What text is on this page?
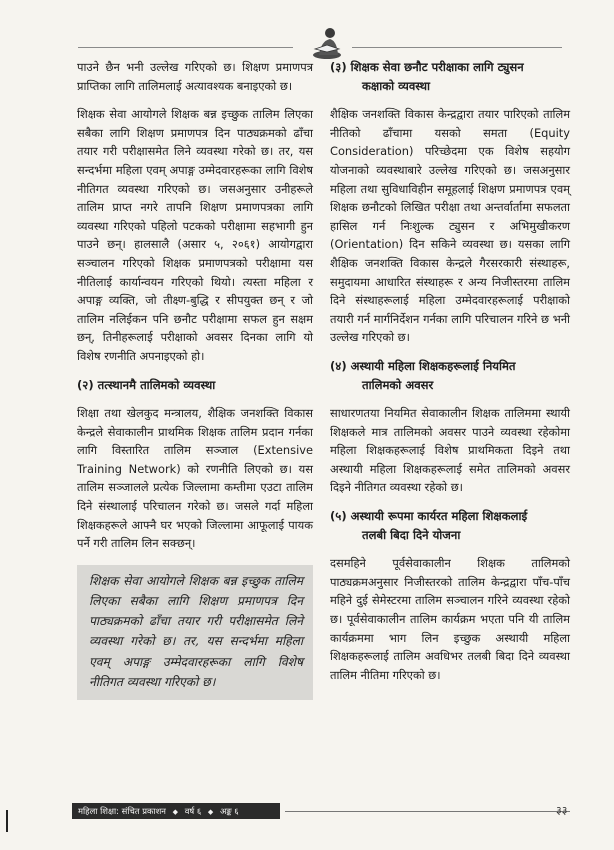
पाउने छैन भनी उल्लेख गरिएको छ। शिक्षण प्रमाणपत्र प्राप्तिका लागि तालिमलाई अत्यावश्यक बनाइएको छ।

शिक्षक सेवा आयोगले शिक्षक बन्न इच्छुक तालिम लिएका सबैका लागि शिक्षण प्रमाणपत्र दिन पाठ्यक्रमको ढाँचा तयार गरी परीक्षासमेत लिने व्यवस्था गरेको छ। तर, यस सन्दर्भमा महिला एवम् अपाङ्ग उम्मेदवारहरूका लागि विशेष नीतिगत व्यवस्था गरिएको छ। जसअनुसार उनीहरूले तालिम प्राप्त नगरे तापनि शिक्षण प्रमाणपत्रका लागि व्यवस्था गरिएको पहिलो पटकको परीक्षामा सहभागी हुन पाउने छन्। हालसालै (असार ५, २०६१) आयोगद्वारा सञ्चालन गरिएको शिक्षक प्रमाणपत्रको परीक्षामा यस नीतिलाई कार्यान्वयन गरिएको थियो। त्यस्ता महिला र अपाङ्ग व्यक्ति, जो तीक्ष्ण-बुद्धि र सीपयुक्त छन् र जो तालिम नलिईकन पनि छनौट परीक्षामा सफल हुन सक्षम छन्, तिनीहरूलाई परीक्षाको अवसर दिनका लागि यो विशेष रणनीति अपनाइएको हो।

(२) तत्स्थानमै तालिमको व्यवस्था

शिक्षा तथा खेलकुद मन्त्रालय, शैक्षिक जनशक्ति विकास केन्द्रले सेवाकालीन प्राथमिक शिक्षक तालिम प्रदान गर्नका लागि विस्तारित तालिम सञ्जाल (Extensive Training Network) को रणनीति लिएको छ। यस तालिम सञ्जालले प्रत्येक जिल्लामा कम्तीमा एउटा तालिम दिने संस्थालाई परिचालन गरेको छ। जसले गर्दा महिला शिक्षकहरूले आफ्नै घर भएको जिल्लामा आफूलाई पायक पर्ने गरी तालिम लिन सक्छन्।

शिक्षक सेवा आयोगले शिक्षक बन्न इच्छुक तालिम लिएका सबैका लागि शिक्षण प्रमाणपत्र दिन पाठ्यक्रमको ढाँचा तयार गरी परीक्षासमेत लिने व्यवस्था गरेको छ। तर, यस सन्दर्भमा महिला एवम् अपाङ्ग उम्मेदवारहरूका लागि विशेष नीतिगत व्यवस्था गरिएको छ।

(३) शिक्षक सेवा छनौट परीक्षाका लागि ट्युसन
कक्षाको व्यवस्था

शैक्षिक जनशक्ति विकास केन्द्रद्वारा तयार पारिएको तालिम नीतिको ढाँचामा यसको समता (Equity Consideration) परिच्छेदमा एक विशेष सहयोग योजनाको व्यवस्थाबारे उल्लेख गरिएको छ। जसअनुसार महिला तथा सुविधाविहीन समूहलाई शिक्षण प्रमाणपत्र एवम् शिक्षक छनौटको लिखित परीक्षा तथा अन्तर्वार्तामा सफलता हासिल गर्न निःशुल्क ट्युसन र अभिमुखीकरण (Orientation) दिन सकिने व्यवस्था छ। यसका लागि शैक्षिक जनशक्ति विकास केन्द्रले गैरसरकारी संस्थाहरू, समुदायमा आधारित संस्थाहरू र अन्य निजीस्तरमा तालिम दिने संस्थाहरूलाई महिला उम्मेदवारहरूलाई परीक्षाको तयारी गर्न मार्गनिर्देशन गर्नका लागि परिचालन गरिने छ भनी उल्लेख गरिएको छ।

(४) अस्थायी महिला शिक्षकहरूलाई नियमित
तालिमको अवसर

साधारणतया नियमित सेवाकालीन शिक्षक तालिममा स्थायी शिक्षकले मात्र तालिमको अवसर पाउने व्यवस्था रहेकोमा महिला शिक्षकहरूलाई विशेष प्राथमिकता दिइने तथा अस्थायी महिला शिक्षकहरूलाई समेत तालिमको अवसर दिइने नीतिगत व्यवस्था रहेको छ।

(५) अस्थायी रूपमा कार्यरत महिला शिक्षकलाई
तलबी बिदा दिने योजना

दसमहिने पूर्वसेवाकालीन शिक्षक तालिमको पाठ्यक्रमअनुसार निजीस्तरको तालिम केन्द्रद्वारा पाँच-पाँच महिने दुई सेमेस्टरमा तालिम सञ्चालन गरिने व्यवस्था रहेको छ। पूर्वसेवाकालीन तालिम कार्यक्रम भएता पनि यी तालिम कार्यक्रममा भाग लिन इच्छुक अस्थायी महिला शिक्षकहरूलाई तालिम अवधिभर तलबी बिदा दिने व्यवस्था तालिम नीतिमा गरिएको छ।

महिला शिक्षा: संचित प्रकाशन ◆ वर्ष ६ ◆ अङ्क ६	३३
